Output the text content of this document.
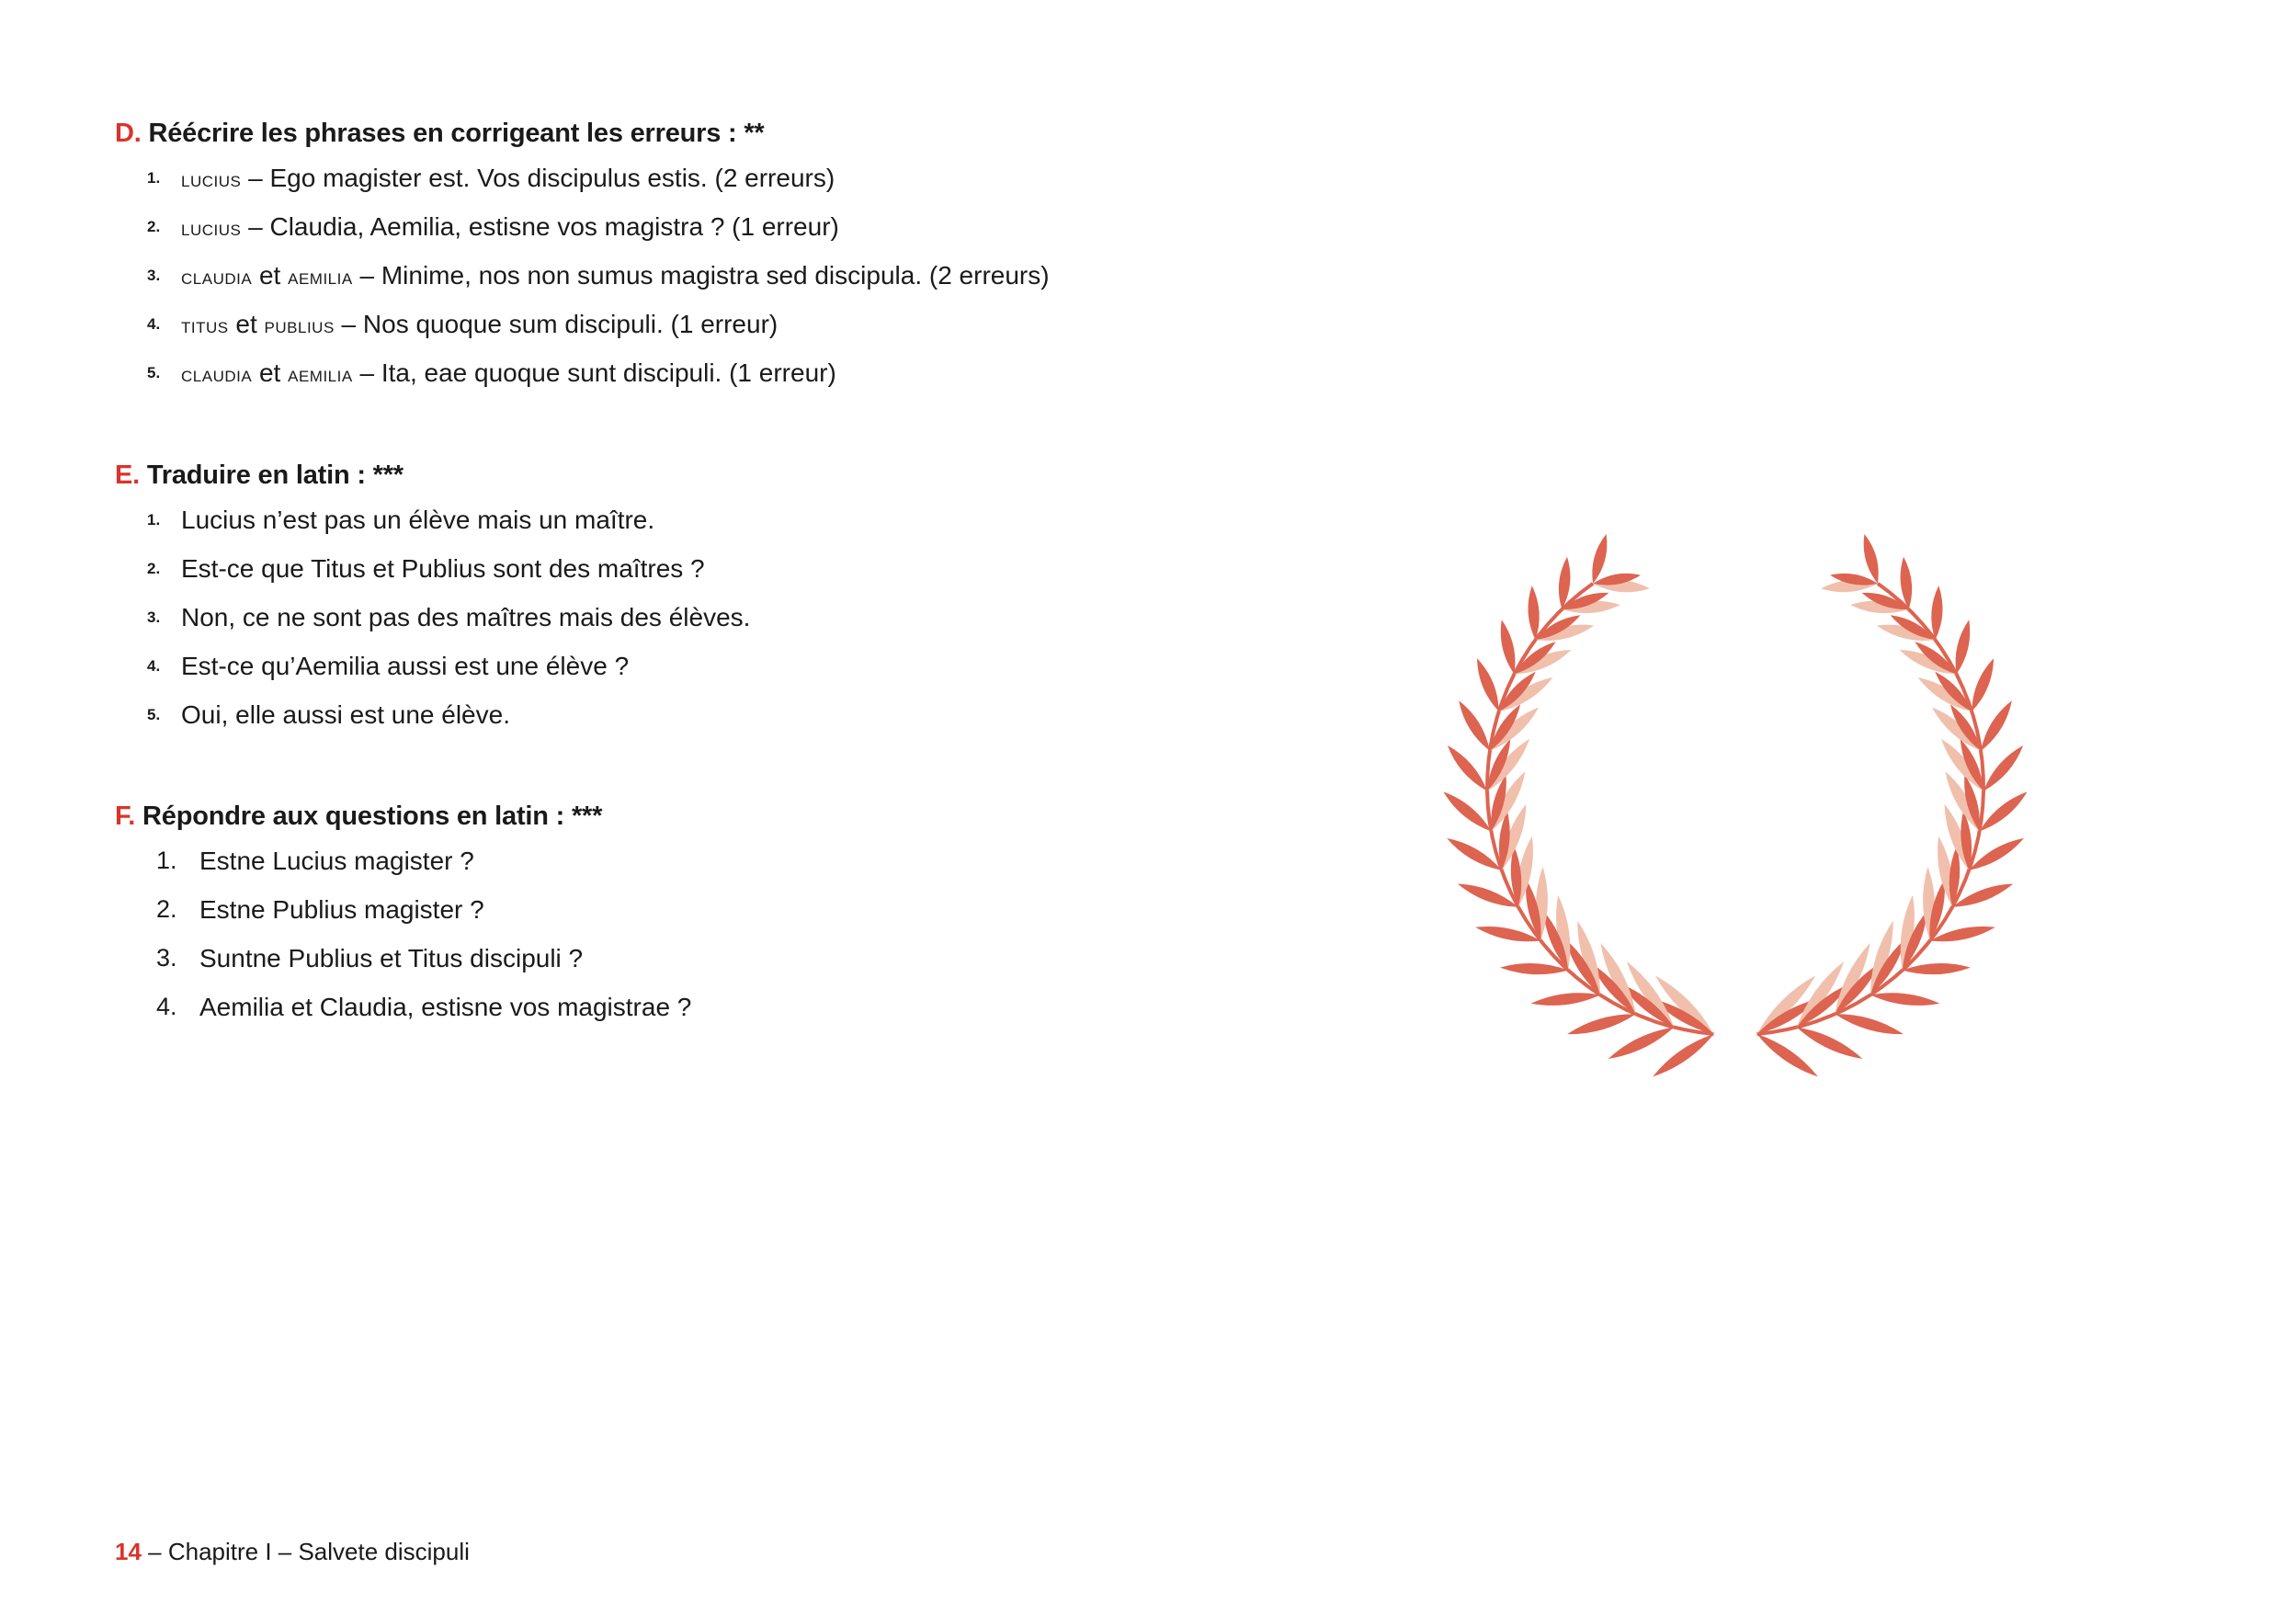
D. Réécrire les phrases en corrigeant les erreurs : **
1. lucius – Ego magister est. Vos discipulus estis. (2 erreurs)
2. lucius – Claudia, Aemilia, estisne vos magistra ? (1 erreur)
3. claudia et aemilia – Minime, nos non sumus magistra sed discipula. (2 erreurs)
4. titus et publius – Nos quoque sum discipuli. (1 erreur)
5. claudia et aemilia – Ita, eae quoque sunt discipuli. (1 erreur)
E. Traduire en latin : ***
1. Lucius n’est pas un élève mais un maître.
2. Est-ce que Titus et Publius sont des maîtres ?
3. Non, ce ne sont pas des maîtres mais des élèves.
4. Est-ce qu’Aemilia aussi est une élève ?
5. Oui, elle aussi est une élève.
F. Répondre aux questions en latin : ***
1. Estne Lucius magister ?
2. Estne Publius magister ?
3. Suntne Publius et Titus discipuli ?
4. Aemilia et Claudia, estisne vos magistrae ?
14 – Chapitre I – Salvete discipuli
